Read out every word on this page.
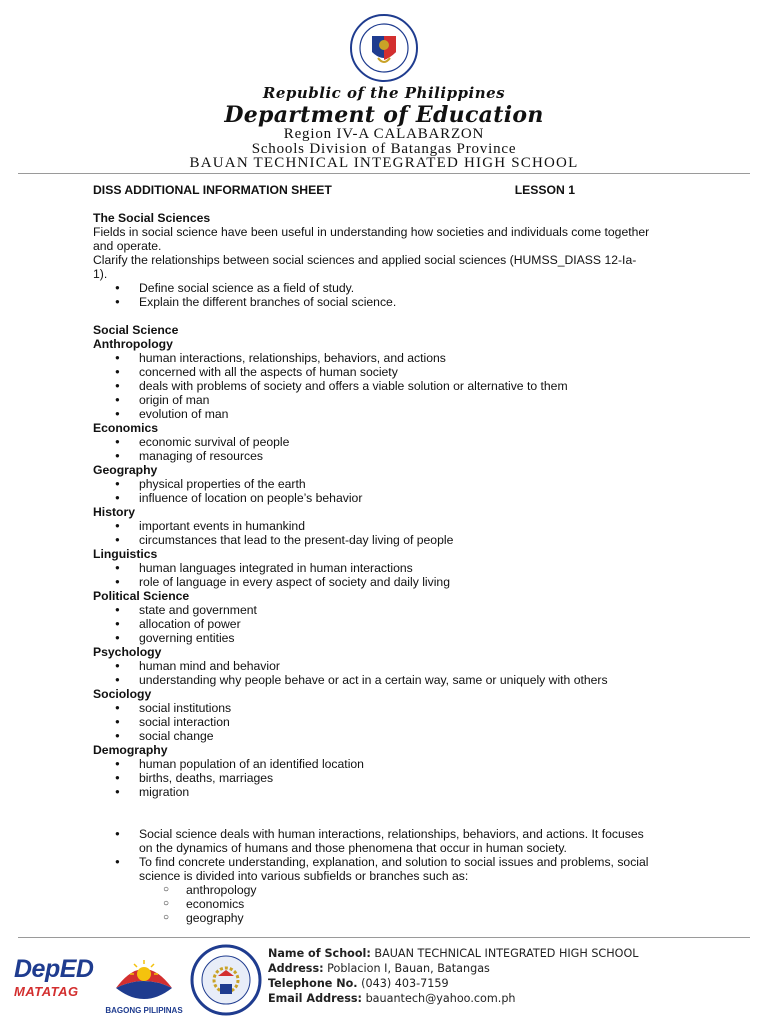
Republic of the Philippines
Department of Education
Region IV-A CALABARZON
Schools Division of Batangas Province
BAUAN TECHNICAL INTEGRATED HIGH SCHOOL
DISS ADDITIONAL INFORMATION SHEET	LESSON 1

The Social Sciences

Fields in social science have been useful in understanding how societies and individuals come together

and operate.

Clarify the relationships between social sciences and applied social sciences (HUMSS_DIASS 12-Ia-

1).

● Define social science as a field of study.
● Explain the different branches of social science.

Social Science

Anthropology

● human interactions, relationships, behaviors, and actions
● concerned with all the aspects of human society
● deals with problems of society and offers a viable solution or alternative to them
● origin of man
● evolution of man

Economics

● economic survival of people
● managing of resources

Geography

● physical properties of the earth
● influence of location on people’s behavior

History

● important events in humankind
● circumstances that lead to the present-day living of people

Linguistics

● human languages integrated in human interactions
● role of language in every aspect of society and daily living

Political Science

● state and government
● allocation of power
● governing entities

Psychology

● human mind and behavior
● understanding why people behave or act in a certain way, same or uniquely with others

Sociology

● social institutions
● social interaction
● social change

Demography

● human population of an identified location
● births, deaths, marriages
● migration
● Social science deals with human interactions, relationships, behaviors, and actions. It focuses
on the dynamics of humans and those phenomena that occur in human society.
● To find concrete understanding, explanation, and solution to social issues and problems, social
science is divided into various subfields or branches such as:
○ anthropology
○ economics
○ geography
DepED
MATATAG
BAGONG PILIPINAS
Name of School: BAUAN TECHNICAL INTEGRATED HIGH SCHOOL
Address: Poblacion I, Bauan, Batangas
Telephone No. (043) 403-7159
Email Address: bauantech@yahoo.com.ph
